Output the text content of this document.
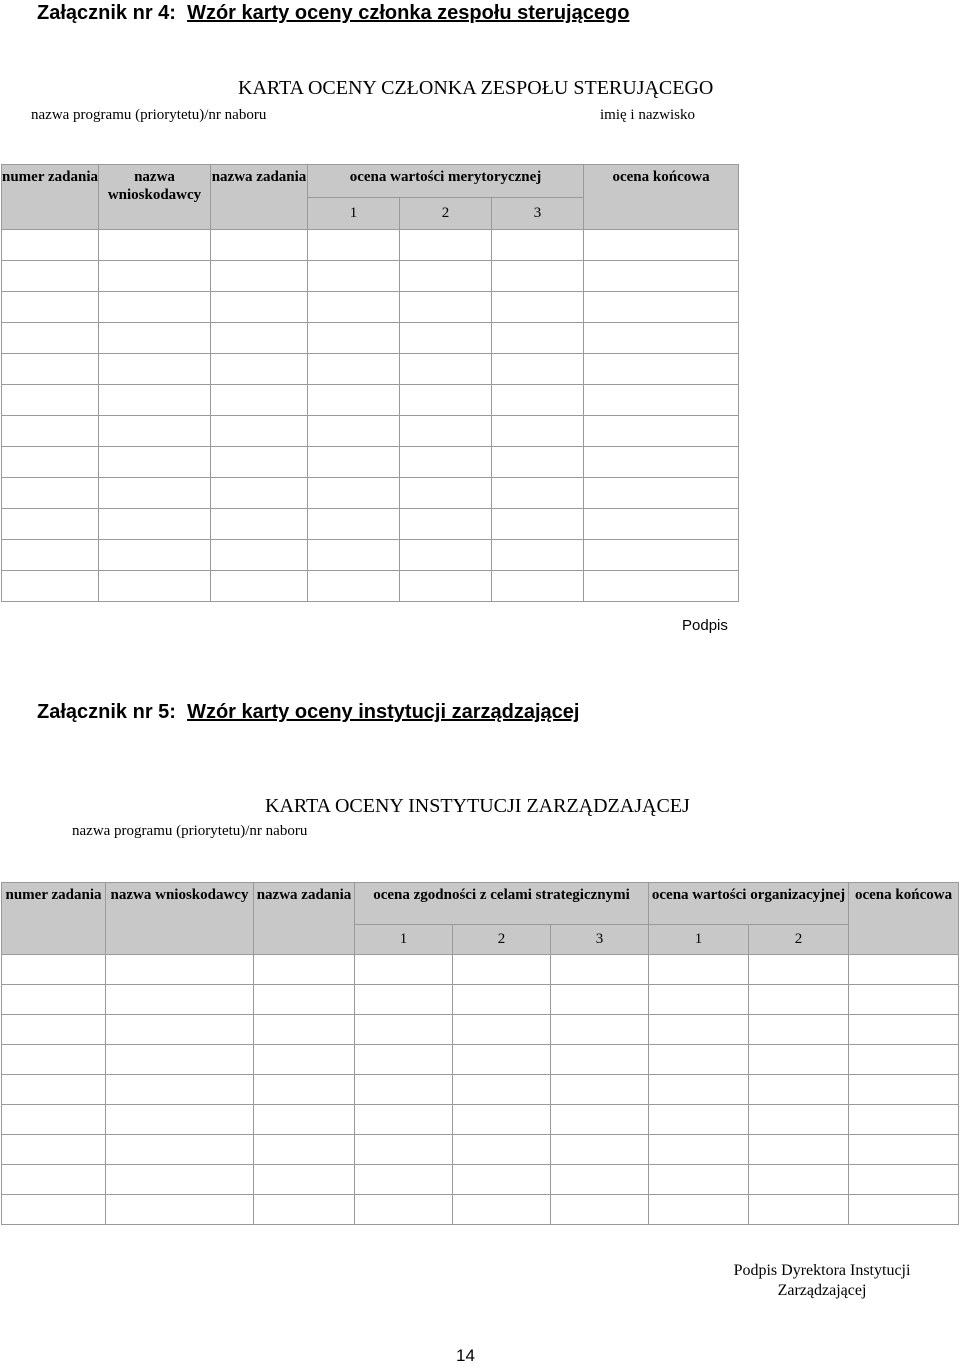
Załącznik nr 4: Wzór karty oceny członka zespołu sterującego
KARTA OCENY CZŁONKA ZESPOŁU STERUJĄCEGO
nazwa programu (priorytetu)/nr naboru	imię i nazwisko
numer zadania	nazwa wnioskodawcy	nazwa zadania	ocena wartości merytorycznej			ocena końcowa
			1	2	3	

Podpis
Załącznik nr 5: Wzór karty oceny instytucji zarządzającej
KARTA OCENY INSTYTUCJI ZARZĄDZAJĄCEJ
nazwa programu (priorytetu)/nr naboru
numer zadania	nazwa wnioskodawcy	nazwa zadania	ocena zgodności z celami strategicznymi			ocena wartości organizacyjnej		ocena końcowa
			1	2	3	1	2	

Podpis Dyrektora Instytucji
Zarządzającej
14
